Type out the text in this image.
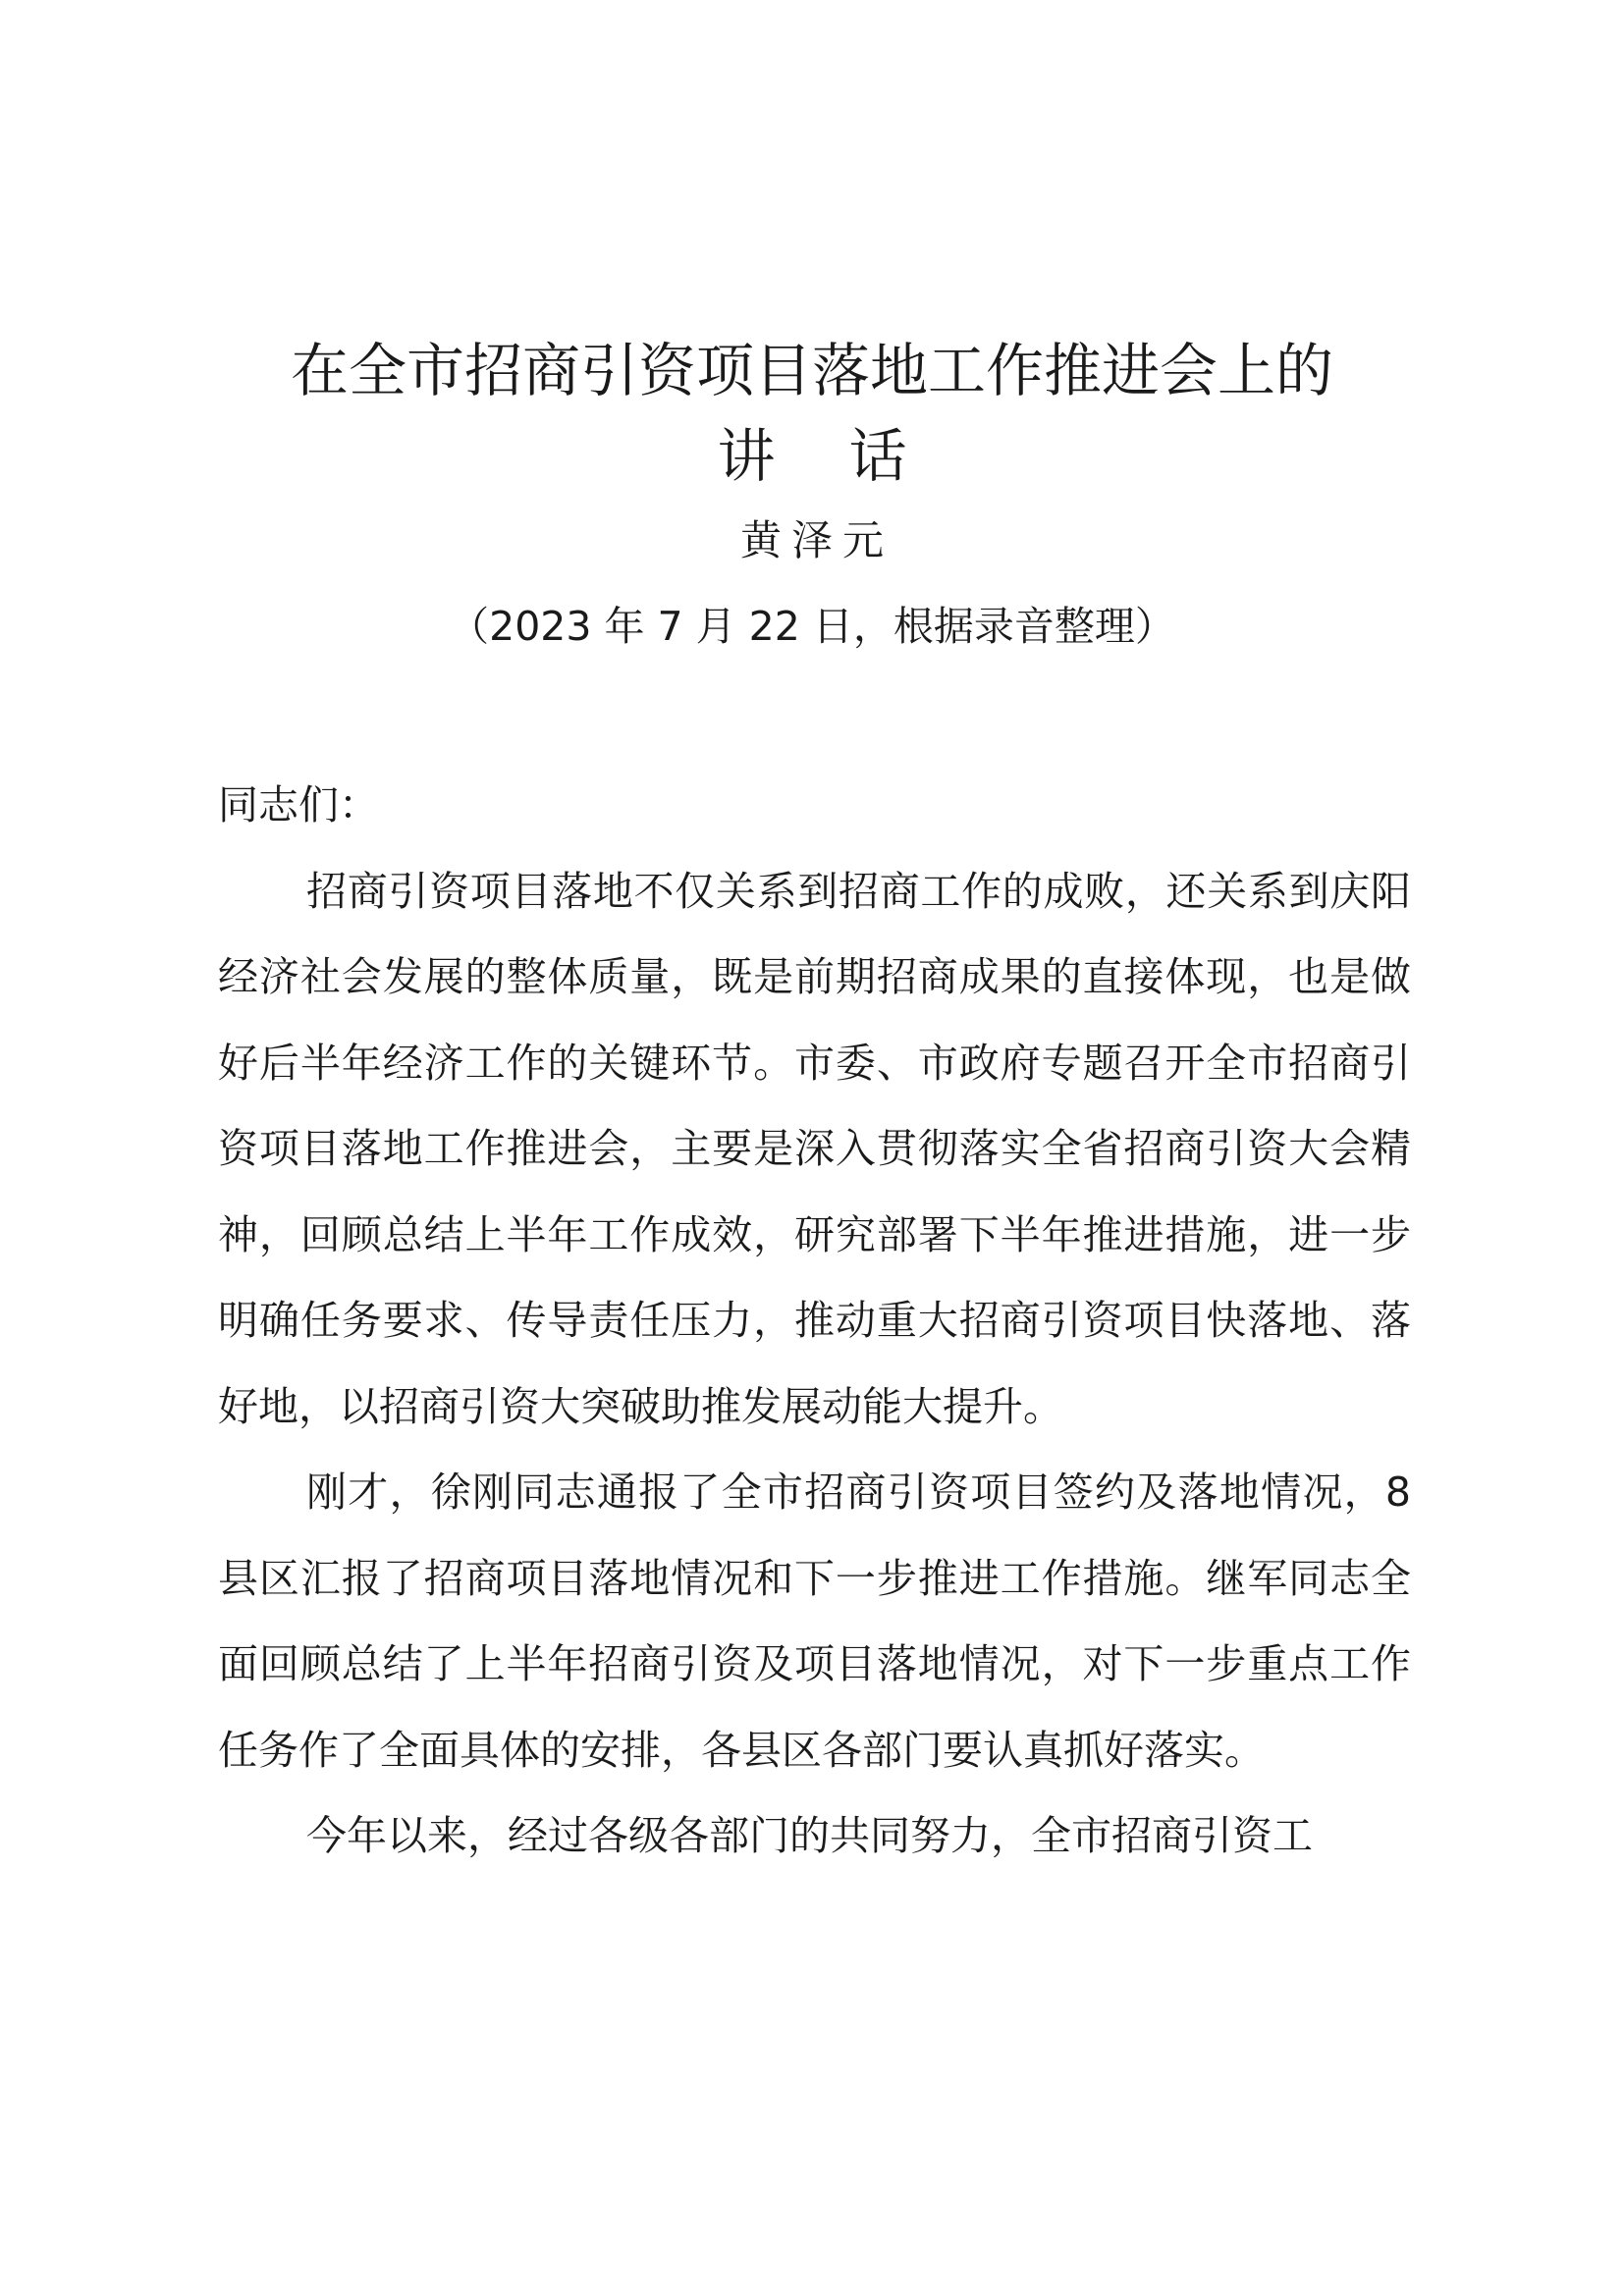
在全市招商引资项目落地工作推进会上的
讲    话
黄泽元
（2023 年 7 月 22 日，根据录音整理）

同志们：

招商引资项目落地不仅关系到招商工作的成败，还关系到庆阳经济社会发展的整体质量，既是前期招商成果的直接体现，也是做好后半年经济工作的关键环节。市委、市政府专题召开全市招商引资项目落地工作推进会，主要是深入贯彻落实全省招商引资大会精神，回顾总结上半年工作成效，研究部署下半年推进措施，进一步明确任务要求、传导责任压力，推动重大招商引资项目快落地、落好地，以招商引资大突破助推发展动能大提升。

刚才，徐刚同志通报了全市招商引资项目签约及落地情况，8 县区汇报了招商项目落地情况和下一步推进工作措施。继军同志全面回顾总结了上半年招商引资及项目落地情况，对下一步重点工作任务作了全面具体的安排，各县区各部门要认真抓好落实。

今年以来，经过各级各部门的共同努力，全市招商引资工
